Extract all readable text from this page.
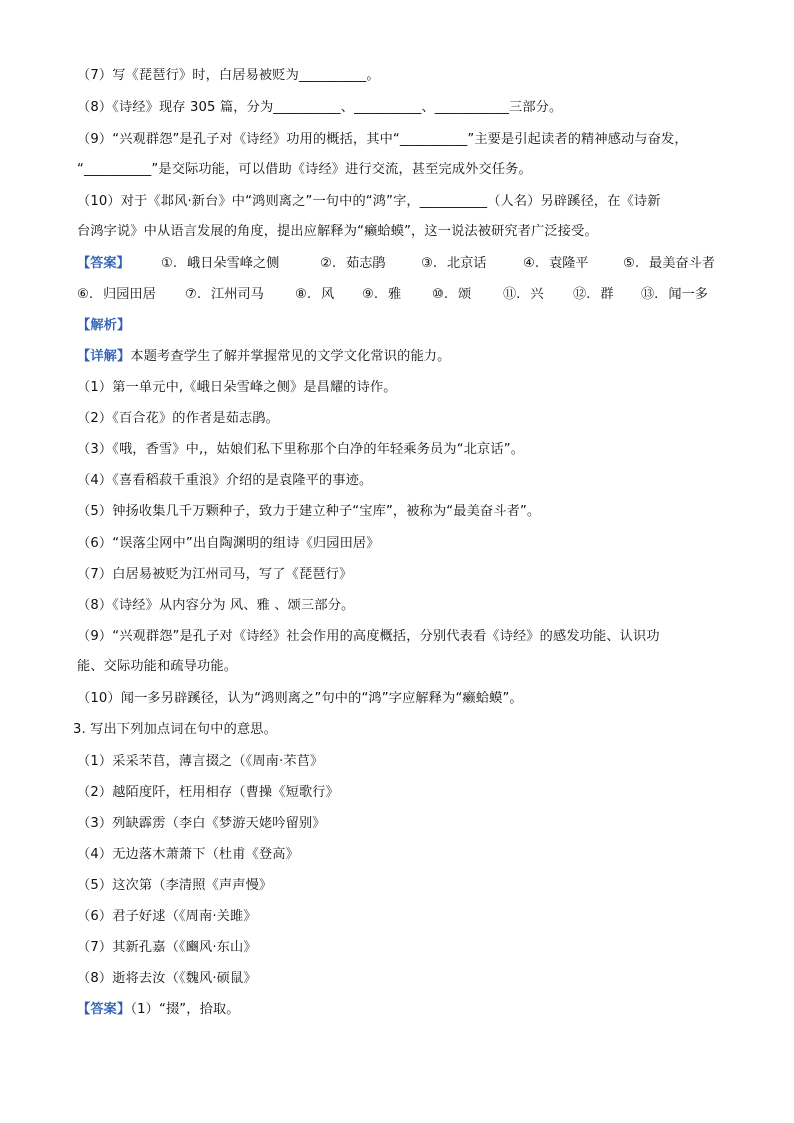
（7）写《琵琶行》时，白居易被贬为__________。
（8）《诗经》现存 305 篇，分为__________、__________、___________三部分。
（9）“兴观群怨”是孔子对《诗经》功用的概括，其中“__________”主要是引起读者的精神感动与奋发，
“__________”是交际功能，可以借助《诗经》进行交流，甚至完成外交任务。
（10）对于《邶风·新台》中“鸿则离之”一句中的“鸿”字，__________（人名）另辟蹊径，在《诗新
台鸿字说》中从语言发展的角度，提出应解释为“癞蛤蟆”，这一说法被研究者广泛接受。
【答案】 ①. 峨日朵雪峰之侧	②. 茹志鹃	③. 北京话	④. 袁隆平	⑤. 最美奋斗者
⑥. 归园田居 ⑦. 江州司马 ⑧. 风 ⑨. 雅 ⑩. 颂 ⑪. 兴 ⑫. 群 ⑬. 闻一多
【解析】
【详解】本题考查学生了解并掌握常见的文学文化常识的能力。
（1）第一单元中,《峨日朵雪峰之侧》是昌耀的诗作。
（2）《百合花》的作者是茹志鹃。
（3）《哦，香雪》中,，姑娘们私下里称那个白净的年轻乘务员为“北京话”。
（4）《喜看稻菽千重浪》介绍的是袁隆平的事迹。
（5）钟扬收集几千万颗种子，致力于建立种子“宝库”，被称为“最美奋斗者”。
（6）“误落尘网中”出自陶渊明的组诗《归园田居》
（7）白居易被贬为江州司马，写了《琵琶行》
（8）《诗经》从内容分为 风、雅 、颂三部分。
（9）“兴观群怨”是孔子对《诗经》社会作用的高度概括，分别代表看《诗经》的感发功能、认识功
能、交际功能和疏导功能。
（10）闻一多另辟蹊径，认为“鸿则离之”句中的“鸿”字应解释为“癞蛤蟆”。
3. 写出下列加点词在句中的意思。
（1）采采芣苢，薄言掇之（《周南·芣苢》
（2）越陌度阡，枉用相存（曹操《短歌行》
（3）列缺霹雳（李白《梦游天姥吟留别》
（4）无边落木萧萧下（杜甫《登高》
（5）这次第（李清照《声声慢》
（6）君子好逑（《周南·关雎》
（7）其新孔嘉（《豳风·东山》
（8）逝将去汝（《魏风·硕鼠》
【答案】（1）“掇”，拾取。
